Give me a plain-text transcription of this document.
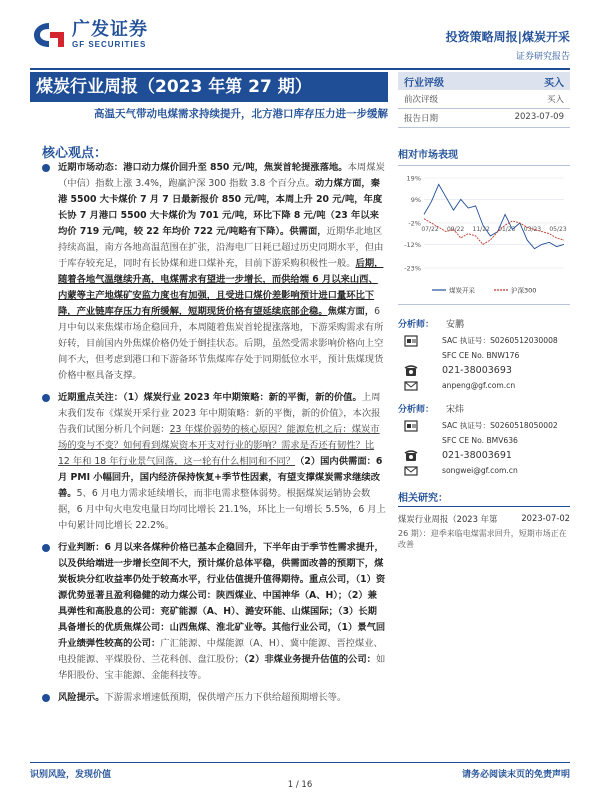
广发证券
GF SECURITIES
投资策略周报|煤炭开采
证券研究报告
煤炭行业周报（2023 年第 27 期）
高温天气带动电煤需求持续提升，北方港口库存压力进一步缓解
核心观点：
近期市场动态：港口动力煤价回升至 850 元/吨，焦炭首轮提涨落地。本周煤炭（中信）指数上涨 3.4%，跑赢沪深 300 指数 3.8 个百分点。动力煤方面，秦港 5500 大卡煤价 7 月 7 日最新报价 850 元/吨，本周上升 20 元/吨，年度长协 7 月港口 5500 大卡煤价为 701 元/吨，环比下降 8 元/吨（23 年以来均价 719 元/吨，较 22 年均价 722 元/吨略有下降）。供需面，近期华北地区持续高温，南方各地高温范围在扩张，沿海电厂日耗已超过历史同期水平，但由于库存较充足，同时有长协煤和进口煤补充，目前下游采购积极性一般。后期，随着各地气温继续升高，电煤需求有望进一步增长，而供给端 6 月以来山西、内蒙等主产地煤矿安监力度也有加强，且受进口煤价差影响预计进口量环比下降，产业链库存压力有所缓解，短期现货价格有望延续底部企稳。焦煤方面，6 月中旬以来焦煤市场企稳回升，本周随着焦炭首轮提涨落地，下游采购需求有所好转，目前国内外焦煤价格仍处于倒挂状态。后期，虽然受需求影响价格向上空间不大，但考虑到港口和下游备环节焦煤库存处于同期低位水平，预计焦煤现货价格中枢具备支撑。
近期重点关注：（1）煤炭行业 2023 年中期策略：新的平衡，新的价值。上周末我们发布《煤炭开采行业 2023 年中期策略：新的平衡，新的价值》，本次报告我们试图分析几个问题：23 年煤价弱势的核心原因？能源危机之后：煤炭市场的变与不变？如何看到煤炭资本开支对行业的影响？需求是否还有韧性？比 12 年和 18 年行业景气回落，这一轮有什么相同和不同？（2）国内供需面：6 月 PMI 小幅回升，国内经济保持恢复+季节性因素，有望支撑煤炭需求继续改善。5、6 月电力需求延续增长，而非电需求整体弱势。根据煤炭运销协会数据，6 月中旬火电发电量日均同比增长 21.1%，环比上一旬增长 5.5%，6 月上中旬累计同比增长 22.2%。
行业判断：6 月以来各煤种价格已基本企稳回升，下半年由于季节性需求提升，以及供给端进一步增长空间不大，预计煤价总体平稳，供需面改善的预期下，煤炭板块分红收益率仍处于较高水平，行业估值提升值得期待。重点公司，（1）资源优势显著且盈利稳健的动力煤公司：陕西煤业、中国神华（A、H）；（2）兼具弹性和高股息的公司：兖矿能源（A、H）、潞安环能、山煤国际；（3）长期具备增长的优质焦煤公司：山西焦煤、淮北矿业等。其他行业公司，（1）景气回升业绩弹性较高的公司：广汇能源、中煤能源（A、H）、冀中能源、晋控煤业、电投能源、平煤股份、兰花科创、盘江股份；（2）非煤业务提升估值的公司：如华阳股份、宝丰能源、金能科技等。
风险提示。下游需求增速低预期，保供增产压力下供给超预期增长等。
行业评级	买入
前次评级	买入
报告日期	2023-07-09
相对市场表现
19%
9%
-2%
-12%
-23%
07/22 09/22 11/22 01/23 03/23 05/23
煤炭开采	沪深300
分析师： 安鹏
SAC 执证号：S0260512030008
SFC CE No. BNW176
021-38003693
anpeng@gf.com.cn
分析师： 宋炜
SAC 执证号：S0260518050002
SFC CE No. BMV636
021-38003691
songwei@gf.com.cn
相关研究：
煤炭行业周报（2023 年第	2023-07-02
26 期）：迎季来临电煤需求回升，短期市场正在改善
识别风险，发现价值	请务必阅读末页的免责声明
1 / 16
